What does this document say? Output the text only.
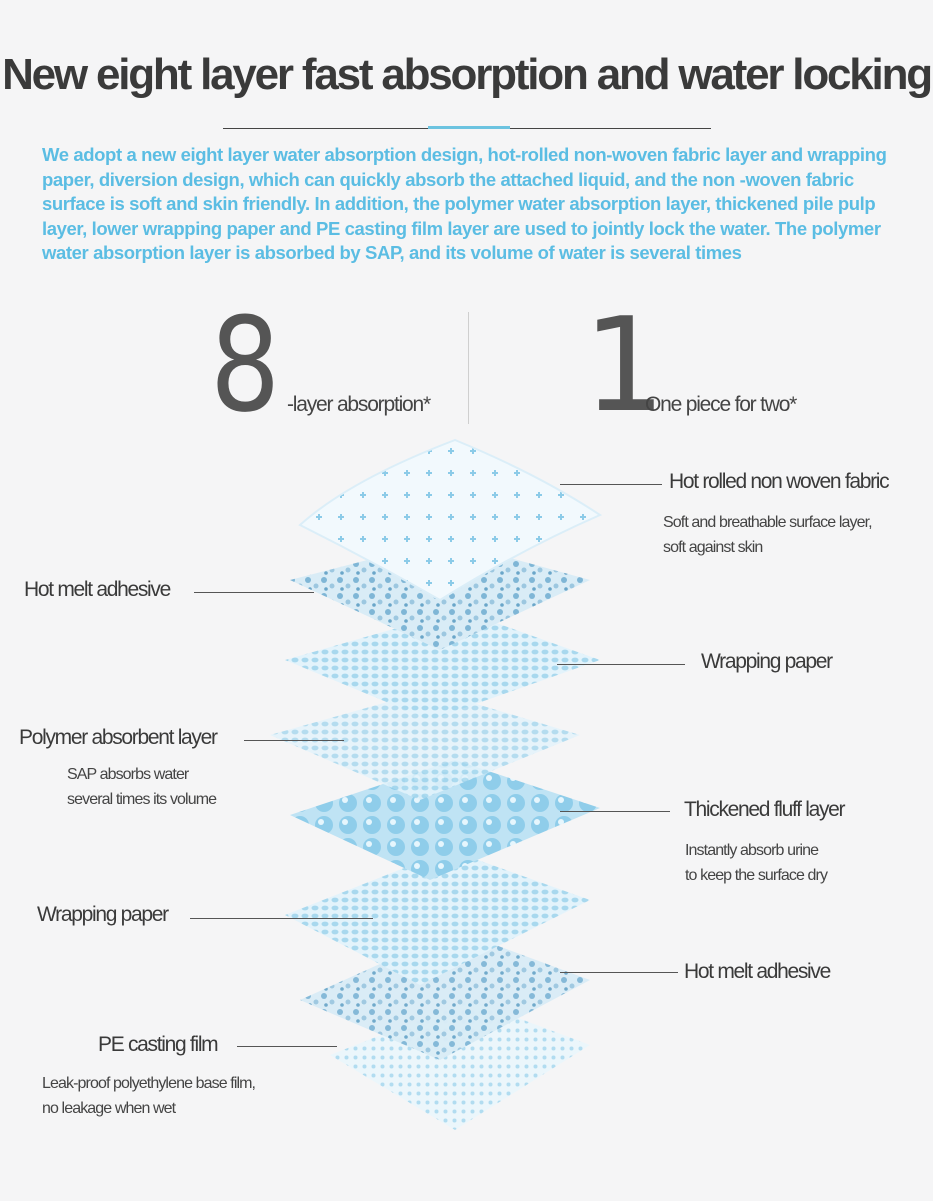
New eight layer fast absorption and water locking

We adopt a new eight layer water absorption design, hot-rolled non-woven fabric layer and wrapping paper, diversion design, which can quickly absorb the attached liquid, and the non -woven fabric surface is soft and skin friendly. In addition, the polymer water absorption layer, thickened pile pulp layer, lower wrapping paper and PE casting film layer are used to jointly lock the water. The polymer water absorption layer is absorbed by SAP, and its volume of water is several times

8 -layer absorption* 1
One piece for two*
Hot rolled non woven fabric
Soft and breathable surface layer,
soft against skin
Hot melt adhesive
Wrapping paper
Polymer absorbent layer
SAP absorbs water
several times its volume	Thickened fluff layer
Instantly absorb urine
to keep the surface dry
Wrapping paper
Hot melt adhesive
PE casting film
Leak-proof polyethylene base film,
no leakage when wet
